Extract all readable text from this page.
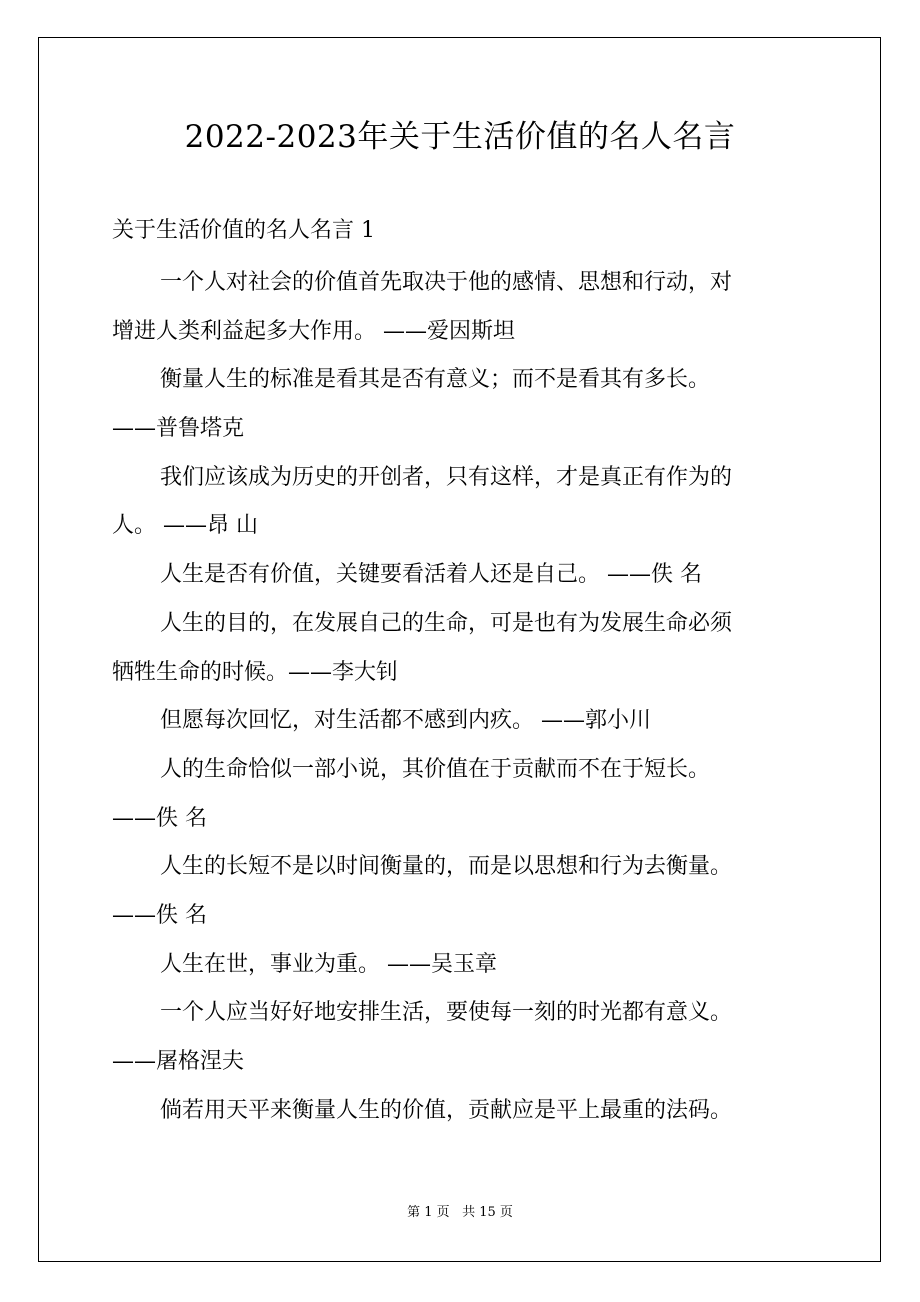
2022-2023年关于生活价值的名人名言
关于生活价值的名人名言 1
一个人对社会的价值首先取决于他的感情、思想和行动，对
增进人类利益起多大作用。 ——爱因斯坦
衡量人生的标准是看其是否有意义；而不是看其有多长。
——普鲁塔克
我们应该成为历史的开创者，只有这样，才是真正有作为的
人。 ——昂 山
人生是否有价值，关键要看活着人还是自己。 ——佚 名
人生的目的，在发展自己的生命，可是也有为发展生命必须
牺牲生命的时候。——李大钊
但愿每次回忆，对生活都不感到内疚。 ——郭小川
人的生命恰似一部小说，其价值在于贡献而不在于短长。
——佚 名
人生的长短不是以时间衡量的，而是以思想和行为去衡量。
——佚 名
人生在世，事业为重。 ——吴玉章
一个人应当好好地安排生活，要使每一刻的时光都有意义。
——屠格涅夫
倘若用天平来衡量人生的价值，贡献应是平上最重的法码。
第 1 页 共 15 页
